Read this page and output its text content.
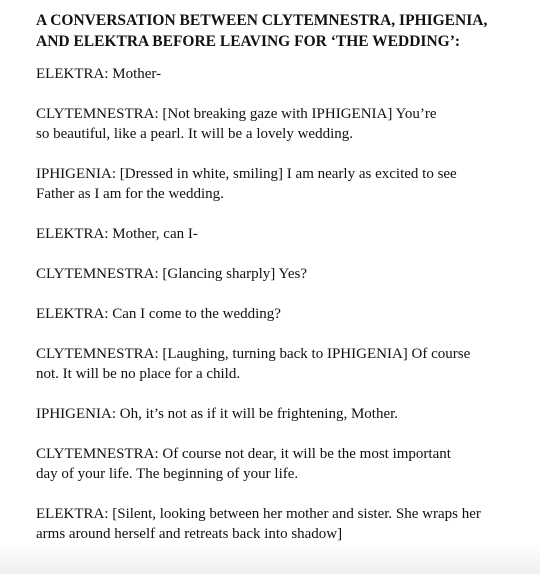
A CONVERSATION BETWEEN CLYTEMNESTRA, IPHIGENIA,
AND ELEKTRA BEFORE LEAVING FOR ‘THE WEDDING’:

ELEKTRA: Mother-

CLYTEMNESTRA: [Not breaking gaze with IPHIGENIA] You’re
so beautiful, like a pearl. It will be a lovely wedding.

IPHIGENIA: [Dressed in white, smiling] I am nearly as excited to see
Father as I am for the wedding.

ELEKTRA: Mother, can I-

CLYTEMNESTRA: [Glancing sharply] Yes?

ELEKTRA: Can I come to the wedding?

CLYTEMNESTRA: [Laughing, turning back to IPHIGENIA] Of course
not. It will be no place for a child.

IPHIGENIA: Oh, it’s not as if it will be frightening, Mother.

CLYTEMNESTRA: Of course not dear, it will be the most important
day of your life. The beginning of your life.

ELEKTRA: [Silent, looking between her mother and sister. She wraps her
arms around herself and retreats back into shadow]
